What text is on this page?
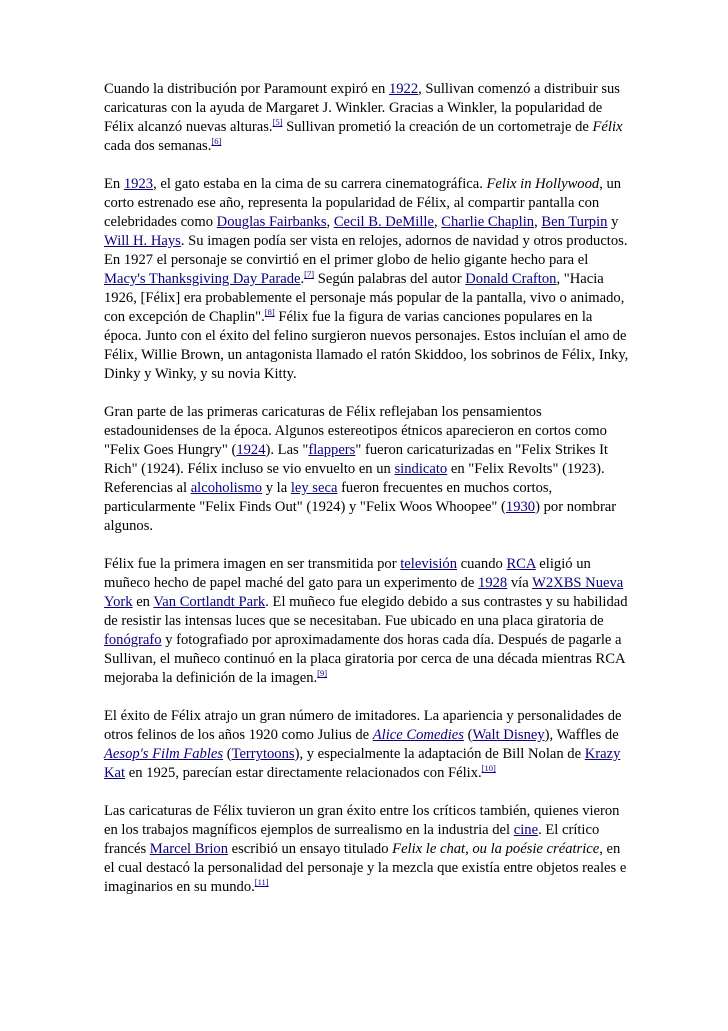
Cuando la distribución por Paramount expiró en 1922, Sullivan comenzó a distribuir sus caricaturas con la ayuda de Margaret J. Winkler. Gracias a Winkler, la popularidad de Félix alcanzó nuevas alturas.[5] Sullivan prometió la creación de un cortometraje de Félix cada dos semanas.[6]

En 1923, el gato estaba en la cima de su carrera cinematográfica. Felix in Hollywood, un corto estrenado ese año, representa la popularidad de Félix, al compartir pantalla con celebridades como Douglas Fairbanks, Cecil B. DeMille, Charlie Chaplin, Ben Turpin y Will H. Hays. Su imagen podía ser vista en relojes, adornos de navidad y otros productos. En 1927 el personaje se convirtió en el primer globo de helio gigante hecho para el Macy's Thanksgiving Day Parade.[7] Según palabras del autor Donald Crafton, "Hacia 1926, [Félix] era probablemente el personaje más popular de la pantalla, vivo o animado, con excepción de Chaplin".[8] Félix fue la figura de varias canciones populares en la época. Junto con el éxito del felino surgieron nuevos personajes. Estos incluían el amo de Félix, Willie Brown, un antagonista llamado el ratón Skiddoo, los sobrinos de Félix, Inky, Dinky y Winky, y su novia Kitty.

Gran parte de las primeras caricaturas de Félix reflejaban los pensamientos estadounidenses de la época. Algunos estereotipos étnicos aparecieron en cortos como "Felix Goes Hungry" (1924). Las "flappers" fueron caricaturizadas en "Felix Strikes It Rich" (1924). Félix incluso se vio envuelto en un sindicato en "Felix Revolts" (1923). Referencias al alcoholismo y la ley seca fueron frecuentes en muchos cortos, particularmente "Felix Finds Out" (1924) y "Felix Woos Whoopee" (1930) por nombrar algunos.

Félix fue la primera imagen en ser transmitida por televisión cuando RCA eligió un muñeco hecho de papel maché del gato para un experimento de 1928 vía W2XBS Nueva York en Van Cortlandt Park. El muñeco fue elegido debido a sus contrastes y su habilidad de resistir las intensas luces que se necesitaban. Fue ubicado en una placa giratoria de fonógrafo y fotografiado por aproximadamente dos horas cada día. Después de pagarle a Sullivan, el muñeco continuó en la placa giratoria por cerca de una década mientras RCA mejoraba la definición de la imagen.[9]

El éxito de Félix atrajo un gran número de imitadores. La apariencia y personalidades de otros felinos de los años 1920 como Julius de Alice Comedies (Walt Disney), Waffles de Aesop's Film Fables (Terrytoons), y especialmente la adaptación de Bill Nolan de Krazy Kat en 1925, parecían estar directamente relacionados con Félix.[10]

Las caricaturas de Félix tuvieron un gran éxito entre los críticos también, quienes vieron en los trabajos magníficos ejemplos de surrealismo en la industria del cine. El crítico francés Marcel Brion escribió un ensayo titulado Felix le chat, ou la poésie créatrice, en el cual destacó la personalidad del personaje y la mezcla que existía entre objetos reales e imaginarios en su mundo.[11]
